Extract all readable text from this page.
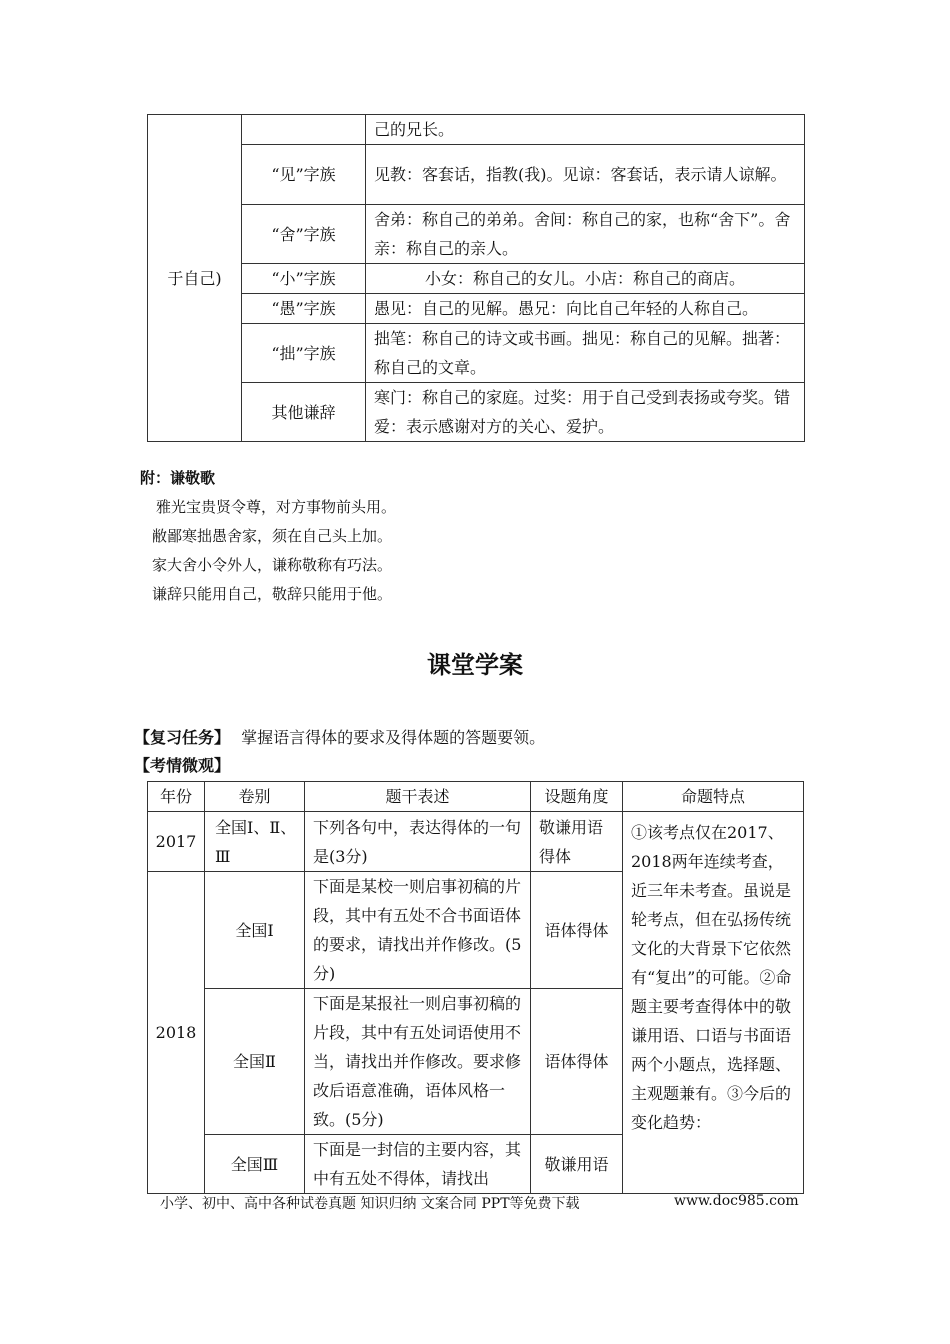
于自己)		己的兄长。
	“见”字族	见教：客套话，指教(我)。见谅：客套话，表示请人谅解。
	“舍”字族	舍弟：称自己的弟弟。舍间：称自己的家，也称“舍下”。舍亲：称自己的亲人。
	“小”字族	小女：称自己的女儿。小店：称自己的商店。
	“愚”字族	愚见：自己的见解。愚兄：向比自己年轻的人称自己。
	“拙”字族	拙笔：称自己的诗文或书画。拙见：称自己的见解。拙著：称自己的文章。
	其他谦辞	寒门：称自己的家庭。过奖：用于自己受到表扬或夸奖。错爱：表示感谢对方的关心、爱护。
附：谦敬歌
雅光宝贵贤令尊，对方事物前头用。
敝鄙寒拙愚舍家，须在自己头上加。
家大舍小令外人，谦称敬称有巧法。
谦辞只能用自己，敬辞只能用于他。
课堂学案
【复习任务】 掌握语言得体的要求及得体题的答题要领。
【考情微观】
年份	卷别	题干表述	设题角度	命题特点
2017	全国Ⅰ、Ⅱ、Ⅲ	下列各句中，表达得体的一句是(3分)	敬谦用语得体	①该考点仅在2017、2018两年连续考查，近三年未考查。虽说是轮考点，但在弘扬传统文化的大背景下它依然有“复出”的可能。②命题主要考查得体中的敬谦用语、口语与书面语两个小题点，选择题、主观题兼有。③今后的变化趋势：
2018	全国Ⅰ	下面是某校一则启事初稿的片段，其中有五处不合书面语体的要求，请找出并作修改。(5分)	语体得体	
	全国Ⅱ	下面是某报社一则启事初稿的片段，其中有五处词语使用不当，请找出并作修改。要求修改后语意准确，语体风格一致。(5分)	语体得体	
	全国Ⅲ	下面是一封信的主要内容，其中有五处不得体，请找出	敬谦用语	
小学、初中、高中各种试卷真题 知识归纳 文案合同 PPT等免费下载	www.doc985.com
